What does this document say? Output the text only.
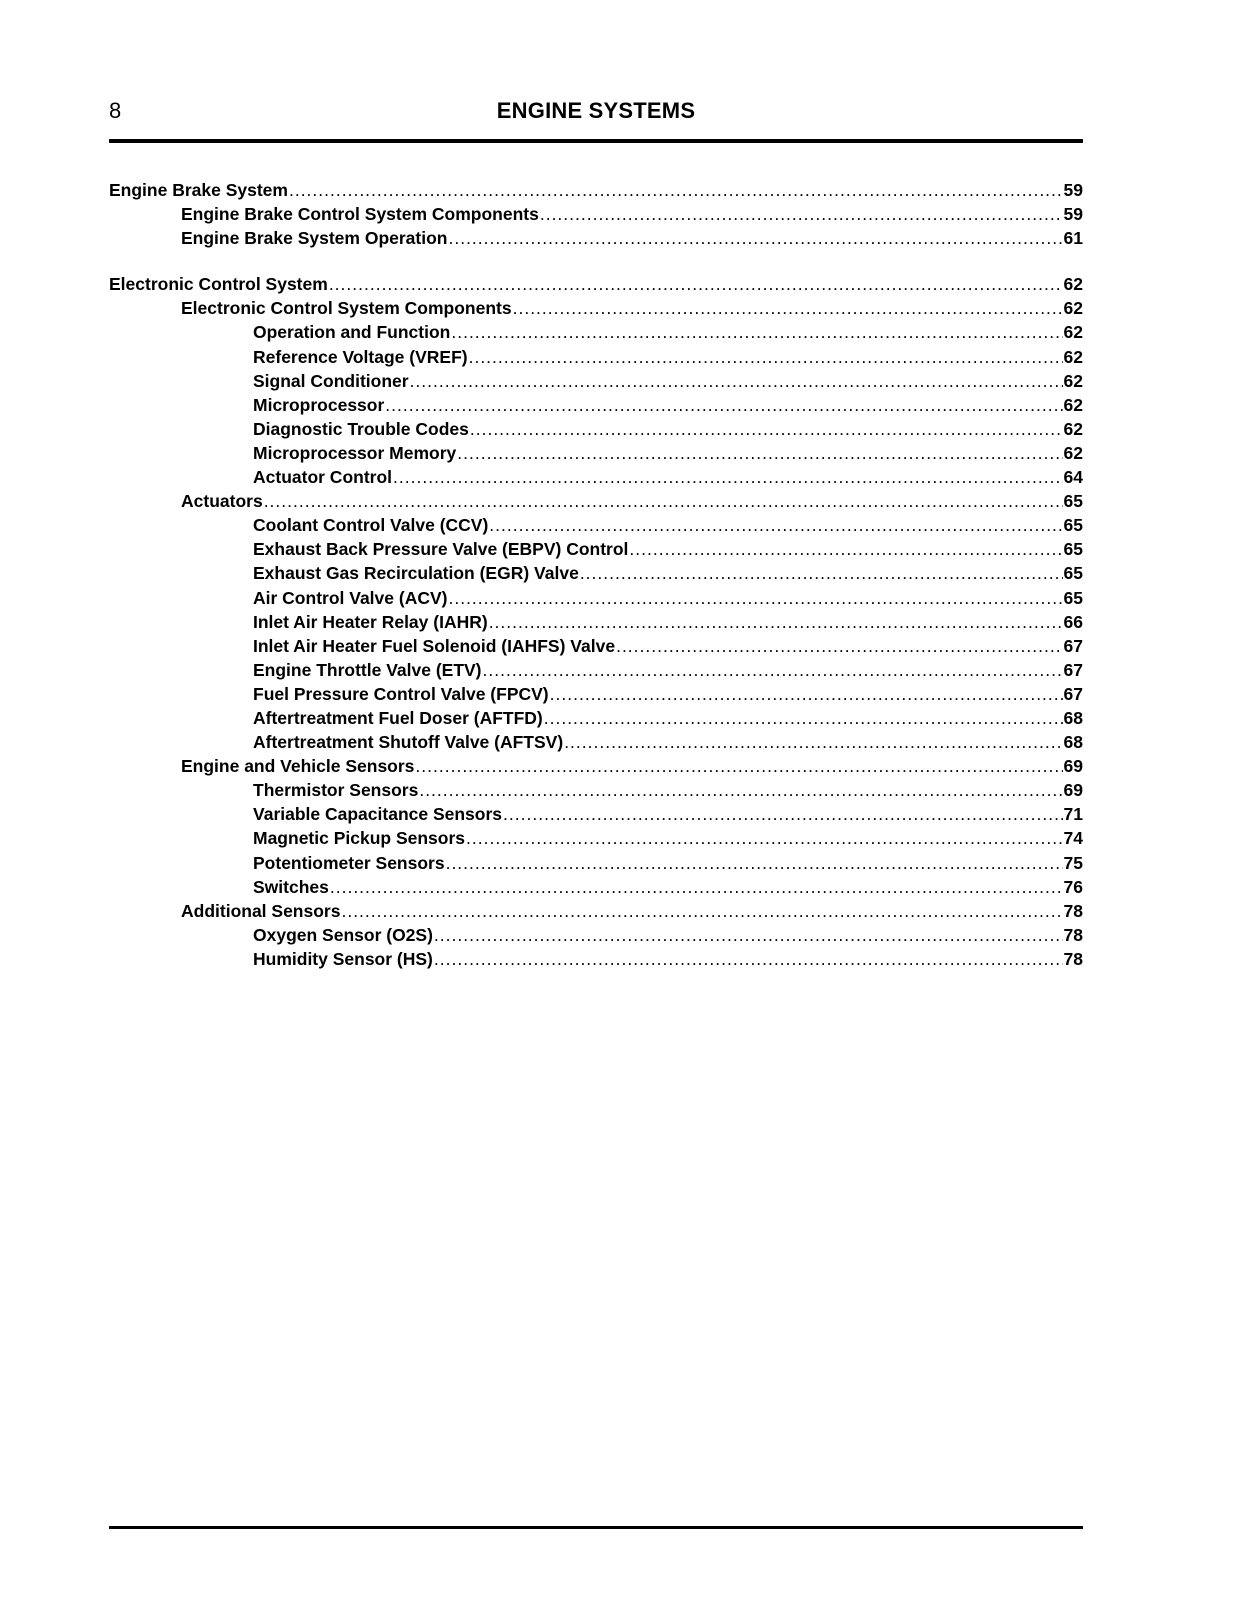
8	ENGINE SYSTEMS
Engine Brake System .....	59
Engine Brake Control System Components .....	59
Engine Brake System Operation .....	61
Electronic Control System .....	62
Electronic Control System Components .....	62
Operation and Function .....	62
Reference Voltage (VREF) .....	62
Signal Conditioner .....	62
Microprocessor .....	62
Diagnostic Trouble Codes .....	62
Microprocessor Memory .....	62
Actuator Control .....	64
Actuators .....	65
Coolant Control Valve (CCV) .....	65
Exhaust Back Pressure Valve (EBPV) Control .....	65
Exhaust Gas Recirculation (EGR) Valve .....	65
Air Control Valve (ACV) .....	65
Inlet Air Heater Relay (IAHR) .....	66
Inlet Air Heater Fuel Solenoid (IAHFS) Valve .....	67
Engine Throttle Valve (ETV) .....	67
Fuel Pressure Control Valve (FPCV) .....	67
Aftertreatment Fuel Doser (AFTFD) .....	68
Aftertreatment Shutoff Valve (AFTSV) .....	68
Engine and Vehicle Sensors .....	69
Thermistor Sensors .....	69
Variable Capacitance Sensors .....	71
Magnetic Pickup Sensors .....	74
Potentiometer Sensors .....	75
Switches .....	76
Additional Sensors .....	78
Oxygen Sensor (O2S) .....	78
Humidity Sensor (HS) .....	78
